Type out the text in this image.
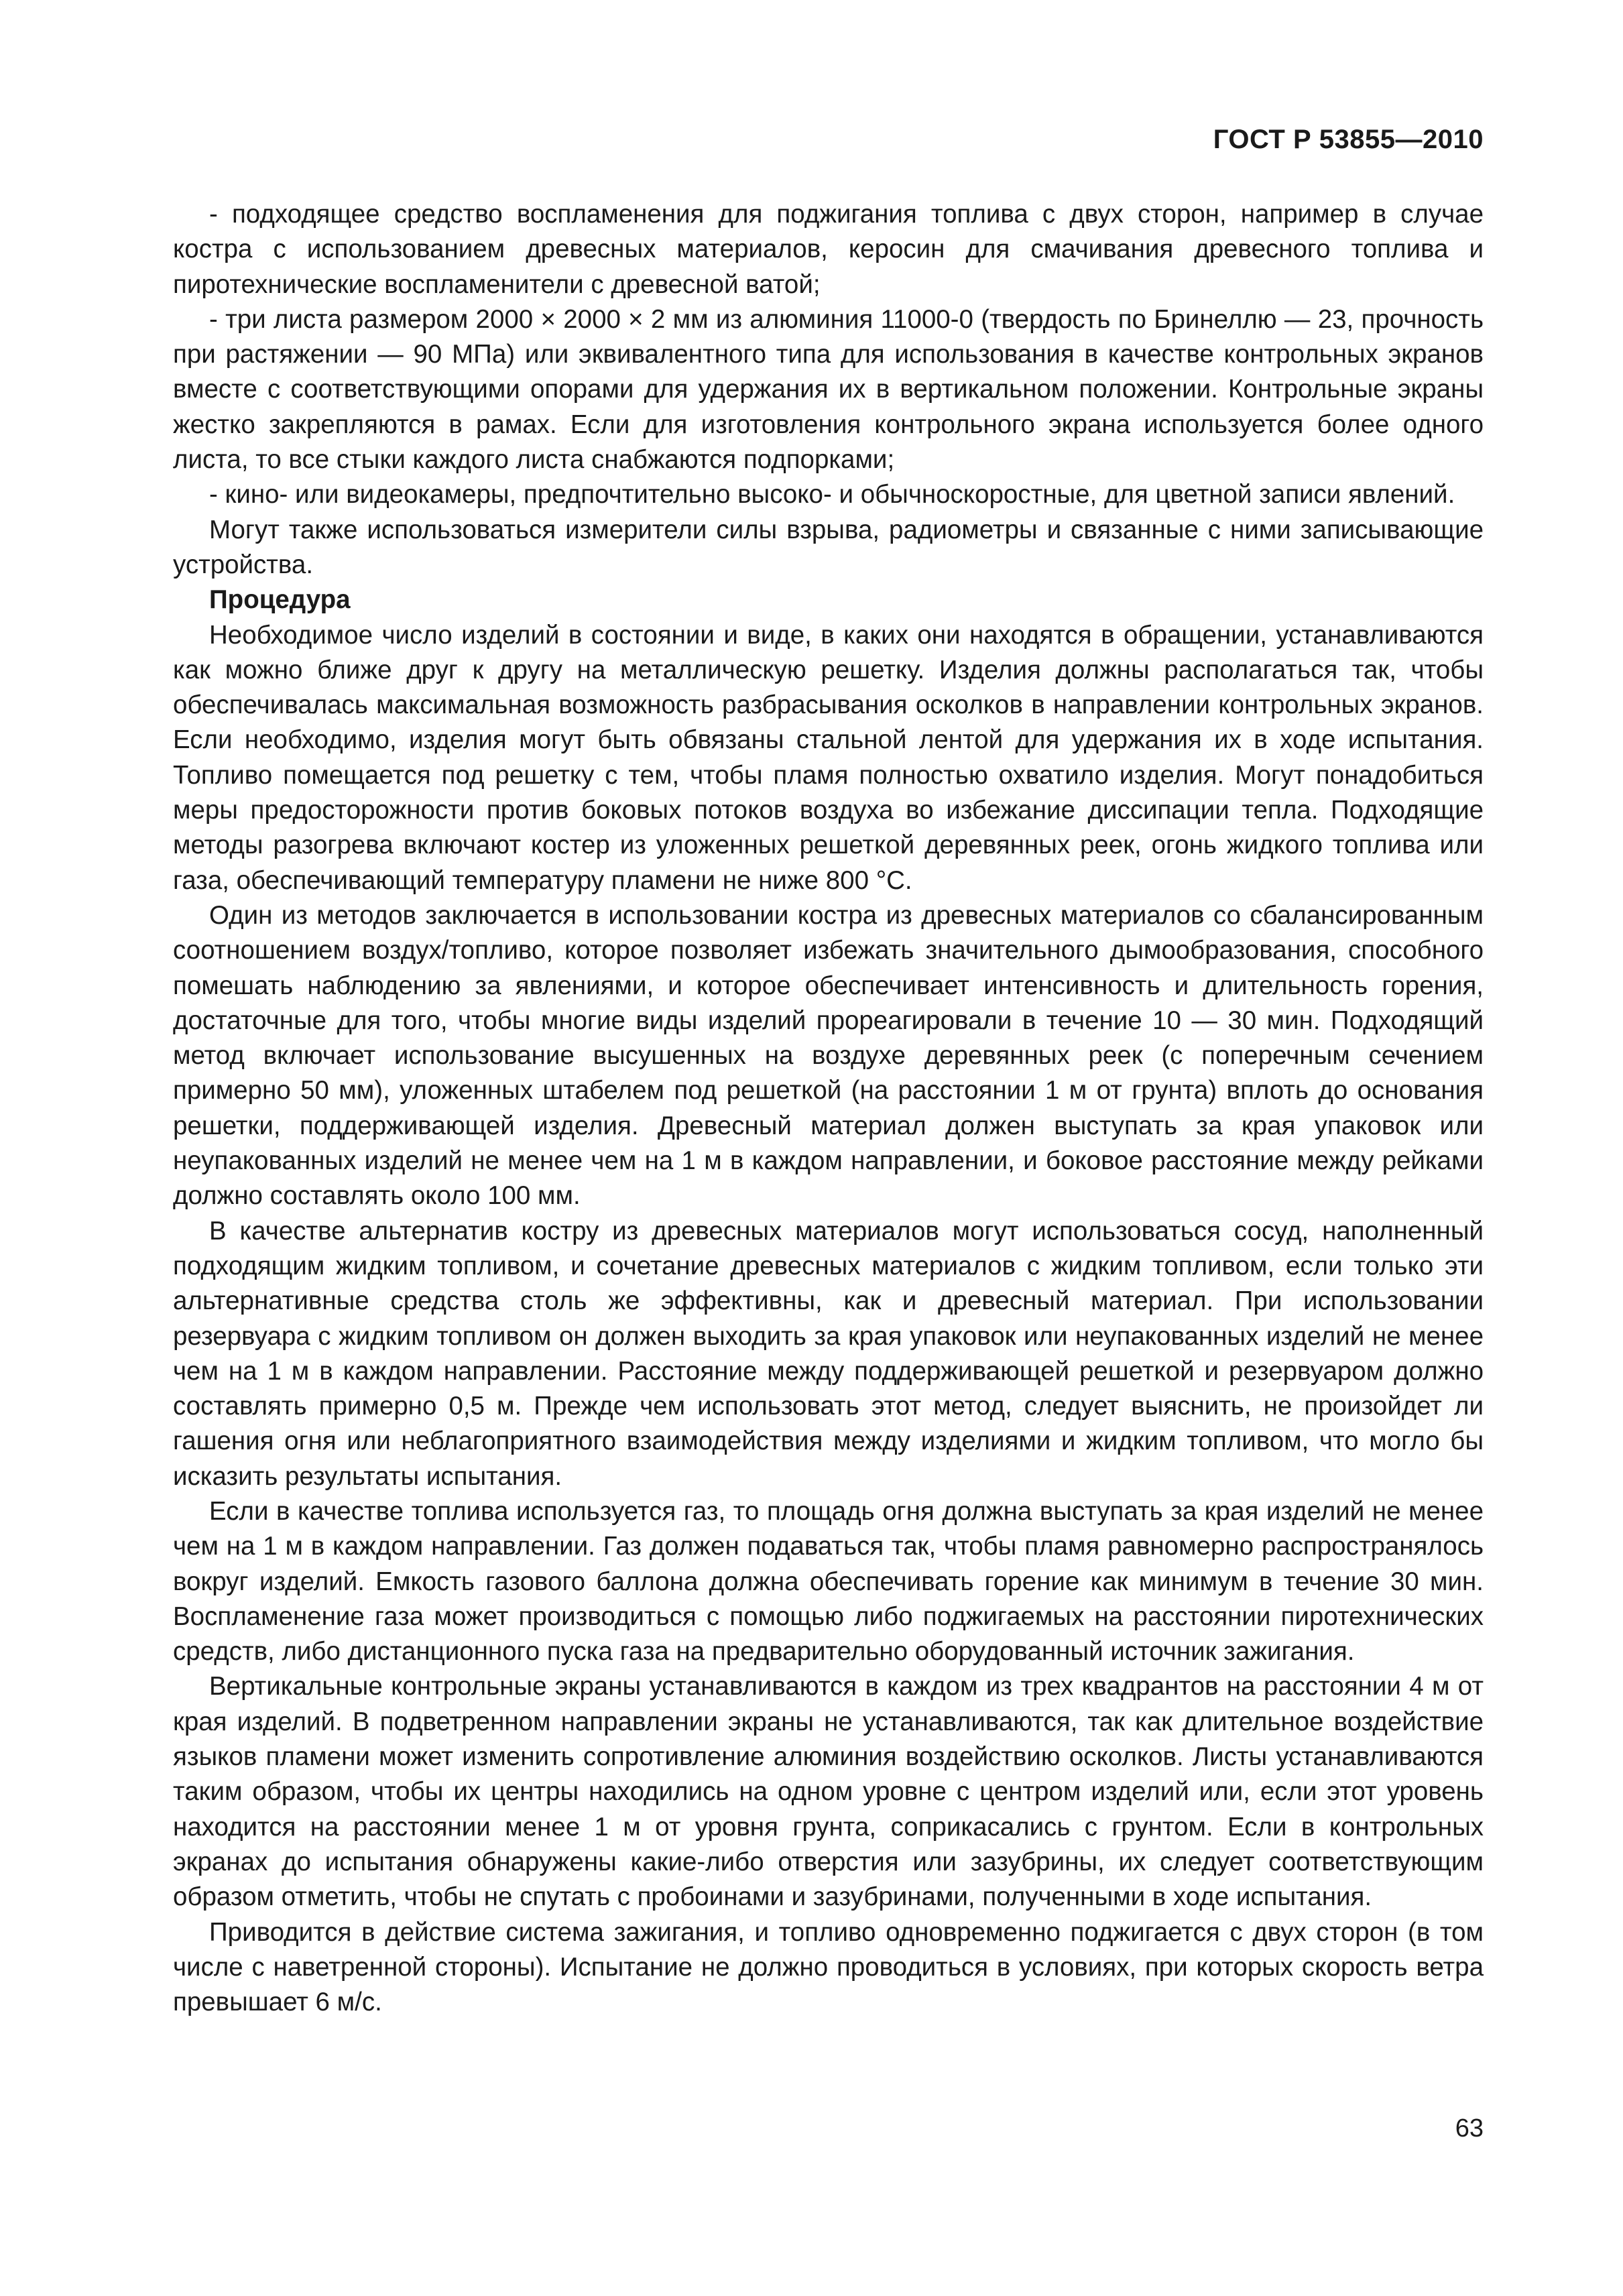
ГОСТ Р 53855—2010

- подходящее средство воспламенения для поджигания топлива с двух сторон, например в случае костра с использованием древесных материалов, керосин для смачивания древесного топлива и пиротехнические воспламенители с древесной ватой;

- три листа размером 2000 × 2000 × 2 мм из алюминия 11000-0 (твердость по Бринеллю — 23, прочность при растяжении — 90 МПа) или эквивалентного типа для использования в качестве контрольных экранов вместе с соответствующими опорами для удержания их в вертикальном положении. Контрольные экраны жестко закрепляются в рамах. Если для изготовления контрольного экрана используется более одного листа, то все стыки каждого листа снабжаются подпорками;

- кино- или видеокамеры, предпочтительно высоко- и обычноскоростные, для цветной записи явлений.

Могут также использоваться измерители силы взрыва, радиометры и связанные с ними записывающие устройства.

Процедура

Необходимое число изделий в состоянии и виде, в каких они находятся в обращении, устанавливаются как можно ближе друг к другу на металлическую решетку. Изделия должны располагаться так, чтобы обеспечивалась максимальная возможность разбрасывания осколков в направлении контрольных экранов. Если необходимо, изделия могут быть обвязаны стальной лентой для удержания их в ходе испытания. Топливо помещается под решетку с тем, чтобы пламя полностью охватило изделия. Могут понадобиться меры предосторожности против боковых потоков воздуха во избежание диссипации тепла. Подходящие методы разогрева включают костер из уложенных решеткой деревянных реек, огонь жидкого топлива или газа, обеспечивающий температуру пламени не ниже 800 °С.

Один из методов заключается в использовании костра из древесных материалов со сбалансированным соотношением воздух/топливо, которое позволяет избежать значительного дымообразования, способного помешать наблюдению за явлениями, и которое обеспечивает интенсивность и длительность горения, достаточные для того, чтобы многие виды изделий прореагировали в течение 10 — 30 мин. Подходящий метод включает использование высушенных на воздухе деревянных реек (с поперечным сечением примерно 50 мм), уложенных штабелем под решеткой (на расстоянии 1 м от грунта) вплоть до основания решетки, поддерживающей изделия. Древесный материал должен выступать за края упаковок или неупакованных изделий не менее чем на 1 м в каждом направлении, и боковое расстояние между рейками должно составлять около 100 мм.

В качестве альтернатив костру из древесных материалов могут использоваться сосуд, наполненный подходящим жидким топливом, и сочетание древесных материалов с жидким топливом, если только эти альтернативные средства столь же эффективны, как и древесный материал. При использовании резервуара с жидким топливом он должен выходить за края упаковок или неупакованных изделий не менее чем на 1 м в каждом направлении. Расстояние между поддерживающей решеткой и резервуаром должно составлять примерно 0,5 м. Прежде чем использовать этот метод, следует выяснить, не произойдет ли гашения огня или неблагоприятного взаимодействия между изделиями и жидким топливом, что могло бы исказить результаты испытания.

Если в качестве топлива используется газ, то площадь огня должна выступать за края изделий не менее чем на 1 м в каждом направлении. Газ должен подаваться так, чтобы пламя равномерно распространялось вокруг изделий. Емкость газового баллона должна обеспечивать горение как минимум в течение 30 мин. Воспламенение газа может производиться с помощью либо поджигаемых на расстоянии пиротехнических средств, либо дистанционного пуска газа на предварительно оборудованный источник зажигания.

Вертикальные контрольные экраны устанавливаются в каждом из трех квадрантов на расстоянии 4 м от края изделий. В подветренном направлении экраны не устанавливаются, так как длительное воздействие языков пламени может изменить сопротивление алюминия воздействию осколков. Листы устанавливаются таким образом, чтобы их центры находились на одном уровне с центром изделий или, если этот уровень находится на расстоянии менее 1 м от уровня грунта, соприкасались с грунтом. Если в контрольных экранах до испытания обнаружены какие-либо отверстия или зазубрины, их следует соответствующим образом отметить, чтобы не спутать с пробоинами и зазубринами, полученными в ходе испытания.

Приводится в действие система зажигания, и топливо одновременно поджигается с двух сторон (в том числе с наветренной стороны). Испытание не должно проводиться в условиях, при которых скорость ветра превышает 6 м/с.

63
